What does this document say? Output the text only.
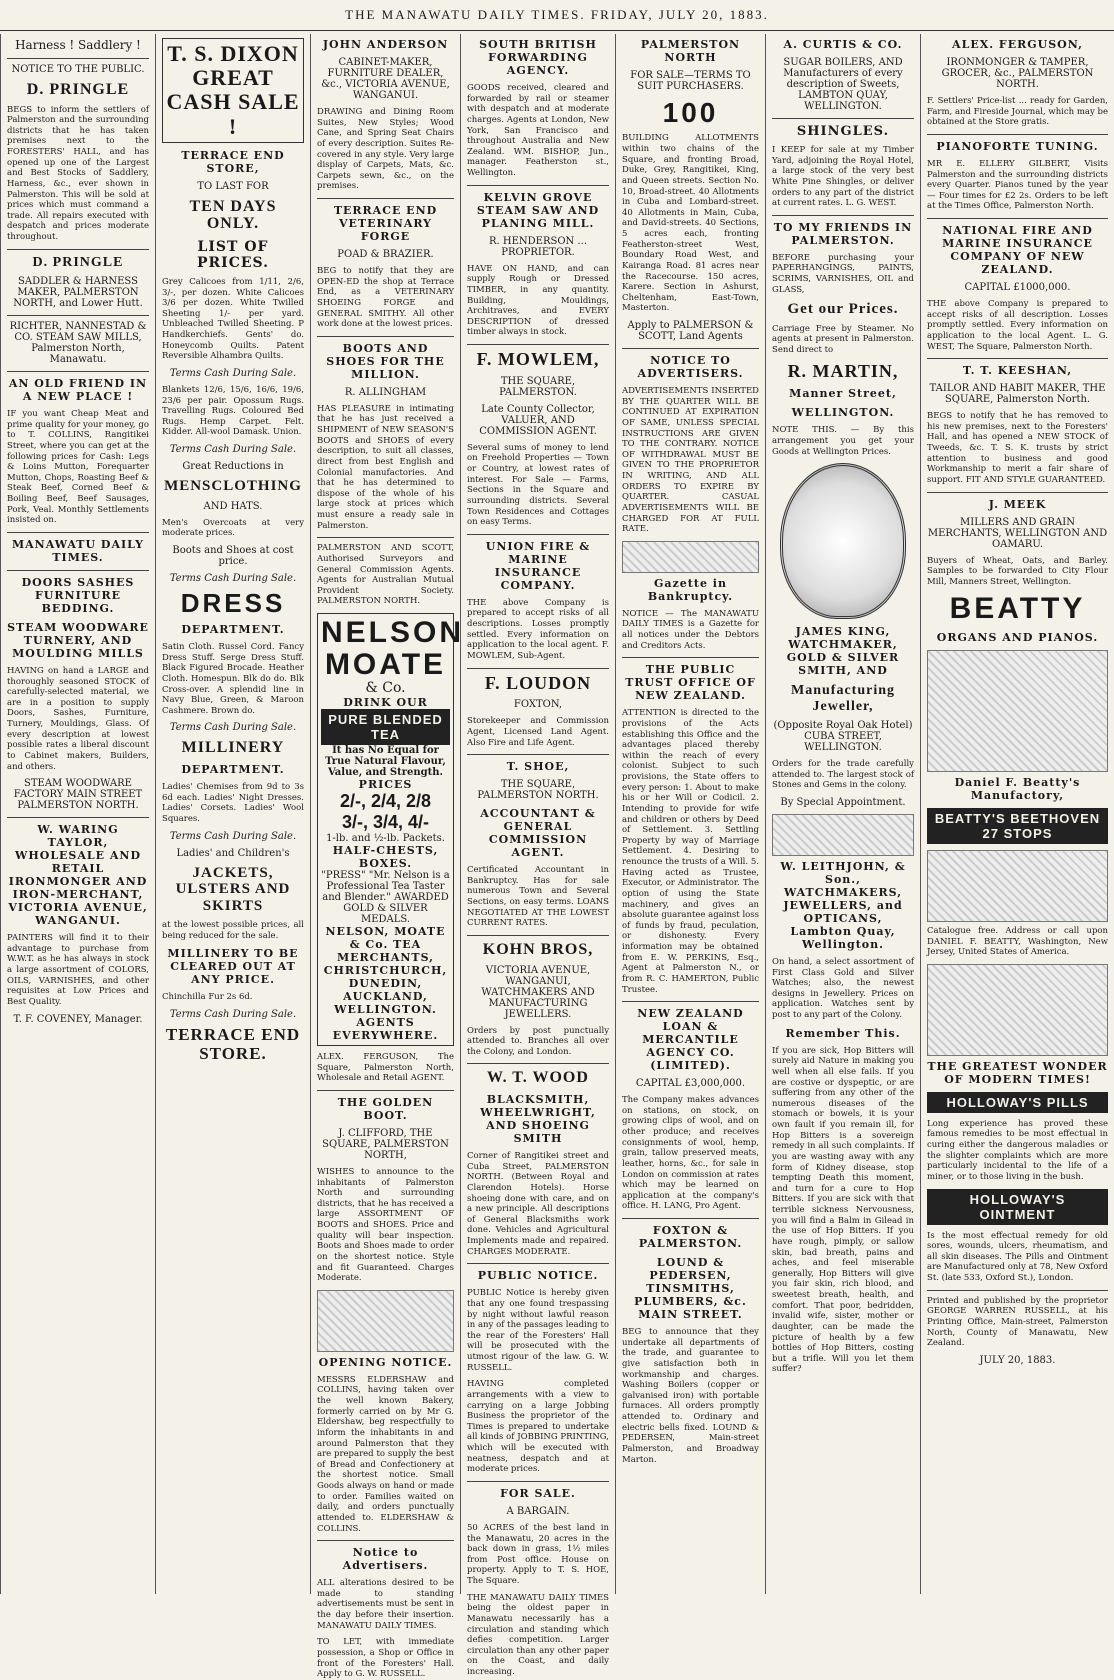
THE MANAWATU DAILY TIMES. FRIDAY, JULY 20, 1883.
Harness ! Saddlery !
NOTICE TO THE PUBLIC.
D. PRINGLE
BEGS to inform the settlers of Palmerston and the surrounding districts that he has taken premises next to the FORESTERS' HALL, and has opened up one of the Largest and Best Stocks of Saddlery, Harness, &c., ever shown in Palmerston. This will be sold at prices which must command a trade. All repairs executed with despatch and prices moderate throughout.
D. PRINGLE
SADDLER & HARNESS MAKER, PALMERSTON NORTH, and Lower Hutt.
RICHTER, NANNESTAD & CO. STEAM SAW MILLS, Palmerston North, Manawatu.
AN OLD FRIEND IN A NEW PLACE !
IF you want Cheap Meat and prime quality for your money, go to T. COLLINS, Rangitikei Street, where you can get at the following prices for Cash: Legs & Loins Mutton, Forequarter Mutton, Chops, Roasting Beef & Steak Beef, Corned Beef & Boiling Beef, Beef Sausages, Pork, Veal. Monthly Settlements insisted on.
MANAWATU DAILY TIMES.
DOORS SASHES FURNITURE BEDDING.
STEAM WOODWARE TURNERY, AND MOULDING MILLS
HAVING on hand a LARGE and thoroughly seasoned STOCK of carefully-selected material, we are in a position to supply Doors, Sashes, Furniture, Turnery, Mouldings, Glass. Of every description at lowest possible rates a liberal discount to Cabinet makers, Builders, and others.
STEAM WOODWARE FACTORY MAIN STREET PALMERSTON NORTH.
W. WARING TAYLOR, WHOLESALE AND RETAIL IRONMONGER AND IRON-MERCHANT, VICTORIA AVENUE, WANGANUI.
PAINTERS will find it to their advantage to purchase from W.W.T. as he has always in stock a large assortment of COLORS, OILS, VARNISHES, and other requisites at Low Prices and Best Quality.
T. F. COVENEY, Manager.
T. S. DIXON
GREAT CASH SALE !
TERRACE END STORE,
TO LAST FOR
TEN DAYS ONLY.
LIST OF PRICES.
Grey Calicoes from 1/11, 2/6, 3/-, per dozen. White Calicoes 3/6 per dozen. White Twilled Sheeting 1/- per yard. Unbleached Twilled Sheeting. P Handkerchiefs. Gents' do. Honeycomb Quilts. Patent Reversible Alhambra Quilts.
Terms Cash During Sale.
Blankets 12/6, 15/6, 16/6, 19/6, 23/6 per pair. Opossum Rugs. Travelling Rugs. Coloured Bed Rugs. Hemp Carpet. Felt. Kidder. All-wool Damask. Union.
Terms Cash During Sale.
Great Reductions in
MENSCLOTHING
AND HATS.
Men's Overcoats at very moderate prices.
Boots and Shoes at cost price.
Terms Cash During Sale.
DRESS
DEPARTMENT.
Satin Cloth. Russel Cord. Fancy Dress Stuff. Serge Dress Stuff. Black Figured Brocade. Heather Cloth. Homespun. Blk do do. Blk Cross-over. A splendid line in Navy Blue, Green, & Maroon Cashmere. Brown do.
Terms Cash During Sale.
MILLINERY
DEPARTMENT.
Ladies' Chemises from 9d to 3s 6d each. Ladies' Night Dresses. Ladies' Corsets. Ladies' Wool Squares.
Terms Cash During Sale.
Ladies' and Children's
JACKETS, ULSTERS AND SKIRTS
at the lowest possible prices, all being reduced for the sale.
MILLINERY TO BE CLEARED OUT AT ANY PRICE.
Chinchilla Fur 2s 6d.
Terms Cash During Sale.
TERRACE END STORE.
JOHN ANDERSON
CABINET-MAKER, FURNITURE DEALER, &c., VICTORIA AVENUE, WANGANUI.
DRAWING and Dining Room Suites, New Styles; Wood Cane, and Spring Seat Chairs of every description. Suites Re-covered in any style. Very large display of Carpets, Mats, &c. Carpets sewn, &c., on the premises.
TERRACE END VETERINARY FORGE
POAD & BRAZIER.
BEG to notify that they are OPEN-ED the shop at Terrace End, as a VETERINARY SHOEING FORGE and GENERAL SMITHY. All other work done at the lowest prices.
BOOTS AND SHOES FOR THE MILLION.
R. ALLINGHAM
HAS PLEASURE in intimating that he has just received a SHIPMENT of NEW SEASON'S BOOTS and SHOES of every description, to suit all classes, direct from best English and Colonial manufactories. And that he has determined to dispose of the whole of his large stock at prices which must ensure a ready sale in Palmerston.
PALMERSTON AND SCOTT, Authorised Surveyors and General Commission Agents. Agents for Australian Mutual Provident Society. PALMERSTON NORTH.
NELSON
MOATE
& Co.
DRINK OUR
PURE BLENDED TEA
It has No Equal for True Natural Flavour, Value, and Strength.
PRICES
2/-, 2/4, 2/8
3/-, 3/4, 4/-
1-lb. and ½-lb. Packets.
HALF-CHESTS, BOXES.
"PRESS" "Mr. Nelson is a Professional Tea Taster and Blender." AWARDED GOLD & SILVER MEDALS.
NELSON, MOATE & Co. TEA MERCHANTS, CHRISTCHURCH, DUNEDIN, AUCKLAND, WELLINGTON. AGENTS EVERYWHERE.
ALEX. FERGUSON, The Square, Palmerston North, Wholesale and Retail AGENT.
THE GOLDEN BOOT.
J. CLIFFORD, THE SQUARE, PALMERSTON NORTH,
WISHES to announce to the inhabitants of Palmerston North and surrounding districts, that he has received a large ASSORTMENT OF BOOTS and SHOES. Price and quality will bear inspection. Boots and Shoes made to order on the shortest notice. Style and fit Guaranteed. Charges Moderate.
OPENING NOTICE.
MESSRS ELDERSHAW and COLLINS, having taken over the well known Bakery, formerly carried on by Mr G. Eldershaw, beg respectfully to inform the inhabitants in and around Palmerston that they are prepared to supply the best of Bread and Confectionery at the shortest notice. Small Goods always on hand or made to order. Families waited on daily, and orders punctually attended to. ELDERSHAW & COLLINS.
Notice to Advertisers.
ALL alterations desired to be made to standing advertisements must be sent in the day before their insertion. MANAWATU DAILY TIMES.
TO LET, with immediate possession, a Shop or Office in front of the Foresters' Hall. Apply to G. W. RUSSELL.
SOUTH BRITISH FORWARDING AGENCY.
GOODS received, cleared and forwarded by rail or steamer with despatch and at moderate charges. Agents at London, New York, San Francisco and throughout Australia and New Zealand. WM. BISHOP, Jun., manager. Featherston st., Wellington.
KELVIN GROVE STEAM SAW AND PLANING MILL.
R. HENDERSON ... PROPRIETOR.
HAVE ON HAND, and can supply Rough or Dressed TIMBER, in any quantity. Building, Mouldings, Architraves, and EVERY DESCRIPTION of dressed timber always in stock.
F. MOWLEM,
THE SQUARE, PALMERSTON.
Late County Collector, VALUER, AND COMMISSION AGENT.
Several sums of money to lend on Freehold Properties — Town or Country, at lowest rates of interest. For Sale — Farms, Sections in the Square and surrounding districts. Several Town Residences and Cottages on easy Terms.
UNION FIRE & MARINE INSURANCE COMPANY.
THE above Company is prepared to accept risks of all descriptions. Losses promptly settled. Every information on application to the local agent. F. MOWLEM, Sub-Agent.
F. LOUDON
FOXTON,
Storekeeper and Commission Agent, Licensed Land Agent. Also Fire and Life Agent.
T. SHOE,
THE SQUARE, PALMERSTON NORTH.
ACCOUNTANT & GENERAL COMMISSION AGENT.
Certificated Accountant in Bankruptcy. Has for sale numerous Town and Several Sections, on easy terms. LOANS NEGOTIATED AT THE LOWEST CURRENT RATES.
KOHN BROS,
VICTORIA AVENUE, WANGANUI, WATCHMAKERS AND MANUFACTURING JEWELLERS.
Orders by post punctually attended to. Branches all over the Colony, and London.
W. T. WOOD
BLACKSMITH, WHEELWRIGHT, AND SHOEING SMITH
Corner of Rangitikei street and Cuba Street, PALMERSTON NORTH. (Between Royal and Clarendon Hotels). Horse shoeing done with care, and on a new principle. All descriptions of General Blacksmiths work done. Vehicles and Agricultural Implements made and repaired. CHARGES MODERATE.
PUBLIC NOTICE.
PUBLIC Notice is hereby given that any one found trespassing by night without lawful reason in any of the passages leading to the rear of the Foresters' Hall will be prosecuted with the utmost rigour of the law. G. W. RUSSELL.
HAVING completed arrangements with a view to carrying on a large Jobbing Business the proprietor of the Times is prepared to undertake all kinds of JOBBING PRINTING, which will be executed with neatness, despatch and at moderate prices.
FOR SALE.
A BARGAIN.
50 ACRES of the best land in the Manawatu, 20 acres in the back down in grass, 1½ miles from Post office. House on property. Apply to T. S. HOE, The Square.
THE MANAWATU DAILY TIMES being the oldest paper in Manawatu necessarily has a circulation and standing which defies competition. Larger circulation than any other paper on the Coast, and daily increasing.
PALMERSTON NORTH
FOR SALE—TERMS TO SUIT PURCHASERS.
100
BUILDING ALLOTMENTS within two chains of the Square, and fronting Broad, Duke, Grey, Rangitikei, King, and Queen streets. Section No. 10, Broad-street. 40 Allotments in Cuba and Lombard-street. 40 Allotments in Main, Cuba, and David-streets. 40 Sections, 5 acres each, fronting Featherston-street West, Boundary Road West, and Kairanga Road. 81 acres near the Racecourse. 150 acres, Karere. Section in Ashurst, Cheltenham, East-Town, Masterton.
Apply to PALMERSON & SCOTT, Land Agents
NOTICE TO ADVERTISERS.
ADVERTISEMENTS INSERTED BY THE QUARTER WILL BE CONTINUED AT EXPIRATION OF SAME, UNLESS SPECIAL INSTRUCTIONS ARE GIVEN TO THE CONTRARY. NOTICE OF WITHDRAWAL MUST BE GIVEN TO THE PROPRIETOR IN WRITING, AND ALL ORDERS TO EXPIRE BY QUARTER. CASUAL ADVERTISEMENTS WILL BE CHARGED FOR AT FULL RATE.
Gazette in Bankruptcy.
NOTICE — The MANAWATU DAILY TIMES is a Gazette for all notices under the Debtors and Creditors Acts.
THE PUBLIC TRUST OFFICE OF NEW ZEALAND.
ATTENTION is directed to the provisions of the Acts establishing this Office and the advantages placed thereby within the reach of every colonist. Subject to such provisions, the State offers to every person: 1. About to make his or her Will or Codicil. 2. Intending to provide for wife and children or others by Deed of Settlement. 3. Settling Property by way of Marriage Settlement. 4. Desiring to renounce the trusts of a Will. 5. Having acted as Trustee, Executor, or Administrator. The option of using the State machinery, and gives an absolute guarantee against loss of funds by fraud, peculation, or dishonesty. Every information may be obtained from E. W. PERKINS, Esq., Agent at Palmerston N., or from R. C. HAMERTON, Public Trustee.
NEW ZEALAND LOAN & MERCANTILE AGENCY CO. (LIMITED).
CAPITAL £3,000,000.
The Company makes advances on stations, on stock, on growing clips of wool, and on other produce; and receives consignments of wool, hemp, grain, tallow preserved meats, leather, horns, &c., for sale in London on commission at rates which may be learned on application at the company's office. H. LANG, Pro Agent.
FOXTON & PALMERSTON.
LOUND & PEDERSEN, TINSMITHS, PLUMBERS, &c. MAIN STREET.
BEG to announce that they undertake all departments of the trade, and guarantee to give satisfaction both in workmanship and charges. Washing Boilers (copper or galvanised iron) with portable furnaces. All orders promptly attended to. Ordinary and electric bells fixed. LOUND & PEDERSEN, Main-street Palmerston, and Broadway Marton.
A. CURTIS & CO.
SUGAR BOILERS, AND Manufacturers of every description of Sweets, LAMBTON QUAY, WELLINGTON.
SHINGLES.
I KEEP for sale at my Timber Yard, adjoining the Royal Hotel, a large stock of the very best White Pine Shingles, or deliver orders to any part of the district at current rates. L. G. WEST.
TO MY FRIENDS IN PALMERSTON.
BEFORE purchasing your PAPERHANGINGS, PAINTS, SCRIMS, VARNISHES, OIL and GLASS,
Get our Prices.
Carriage Free by Steamer. No agents at present in Palmerston. Send direct to
R. MARTIN,
Manner Street,
WELLINGTON.
NOTE THIS. — By this arrangement you get your Goods at Wellington Prices.
JAMES KING, WATCHMAKER, GOLD & SILVER SMITH, AND
Manufacturing Jeweller,
(Opposite Royal Oak Hotel) CUBA STREET, WELLINGTON.
Orders for the trade carefully attended to. The largest stock of Stones and Gems in the colony.
By Special Appointment.
W. LEITHJOHN, & Son., WATCHMAKERS, JEWELLERS, and OPTICANS, Lambton Quay, Wellington.
On hand, a select assortment of First Class Gold and Silver Watches; also, the newest designs in Jewellery. Prices on application. Watches sent by post to any part of the Colony.
Remember This.
If you are sick, Hop Bitters will surely aid Nature in making you well when all else fails. If you are costive or dyspeptic, or are suffering from any other of the numerous diseases of the stomach or bowels, it is your own fault if you remain ill, for Hop Bitters is a sovereign remedy in all such complaints. If you are wasting away with any form of Kidney disease, stop tempting Death this moment, and turn for a cure to Hop Bitters. If you are sick with that terrible sickness Nervousness, you will find a Balm in Gilead in the use of Hop Bitters. If you have rough, pimply, or sallow skin, bad breath, pains and aches, and feel miserable generally, Hop Bitters will give you fair skin, rich blood, and sweetest breath, health, and comfort. That poor, bedridden, invalid wife, sister, mother or daughter, can be made the picture of health by a few bottles of Hop Bitters, costing but a trifle. Will you let them suffer?
ALEX. FERGUSON,
IRONMONGER & TAMPER, GROCER, &c., PALMERSTON NORTH.
F. Settlers' Price-list ... ready for Garden, Farm, and Fireside Journal, which may be obtained at the Store gratis.
PIANOFORTE TUNING.
MR E. ELLERY GILBERT, Visits Palmerston and the surrounding districts every Quarter. Pianos tuned by the year — Four times for £2 2s. Orders to be left at the Times Office, Palmerston North.
NATIONAL FIRE AND MARINE INSURANCE COMPANY OF NEW ZEALAND.
CAPITAL £1000,000.
THE above Company is prepared to accept risks of all description. Losses promptly settled. Every information on application to the local Agent. L. G. WEST, The Square, Palmerston North.
T. T. KEESHAN,
TAILOR AND HABIT MAKER, THE SQUARE, Palmerston North.
BEGS to notify that he has removed to his new premises, next to the Foresters' Hall, and has opened a NEW STOCK of Tweeds, &c. T. S. K. trusts by strict attention to business and good Workmanship to merit a fair share of support. FIT AND STYLE GUARANTEED.
J. MEEK
MILLERS AND GRAIN MERCHANTS, WELLINGTON AND OAMARU.
Buyers of Wheat, Oats, and Barley. Samples to be forwarded to City Flour Mill, Manners Street, Wellington.
BEATTY
ORGANS AND PIANOS.
Daniel F. Beatty's Manufactory,
BEATTY'S BEETHOVEN 27 STOPS
Catalogue free. Address or call upon DANIEL F. BEATTY, Washington, New Jersey, United States of America.
THE GREATEST WONDER OF MODERN TIMES!
HOLLOWAY'S PILLS
Long experience has proved these famous remedies to be most effectual in curing either the dangerous maladies or the slighter complaints which are more particularly incidental to the life of a miner, or to those living in the bush.
HOLLOWAY'S OINTMENT
Is the most effectual remedy for old sores, wounds, ulcers, rheumatism, and all skin diseases. The Pills and Ointment are Manufactured only at 78, New Oxford St. (late 533, Oxford St.), London.
Printed and published by the proprietor GEORGE WARREN RUSSELL, at his Printing Office, Main-street, Palmerston North, County of Manawatu, New Zealand.
JULY 20, 1883.
